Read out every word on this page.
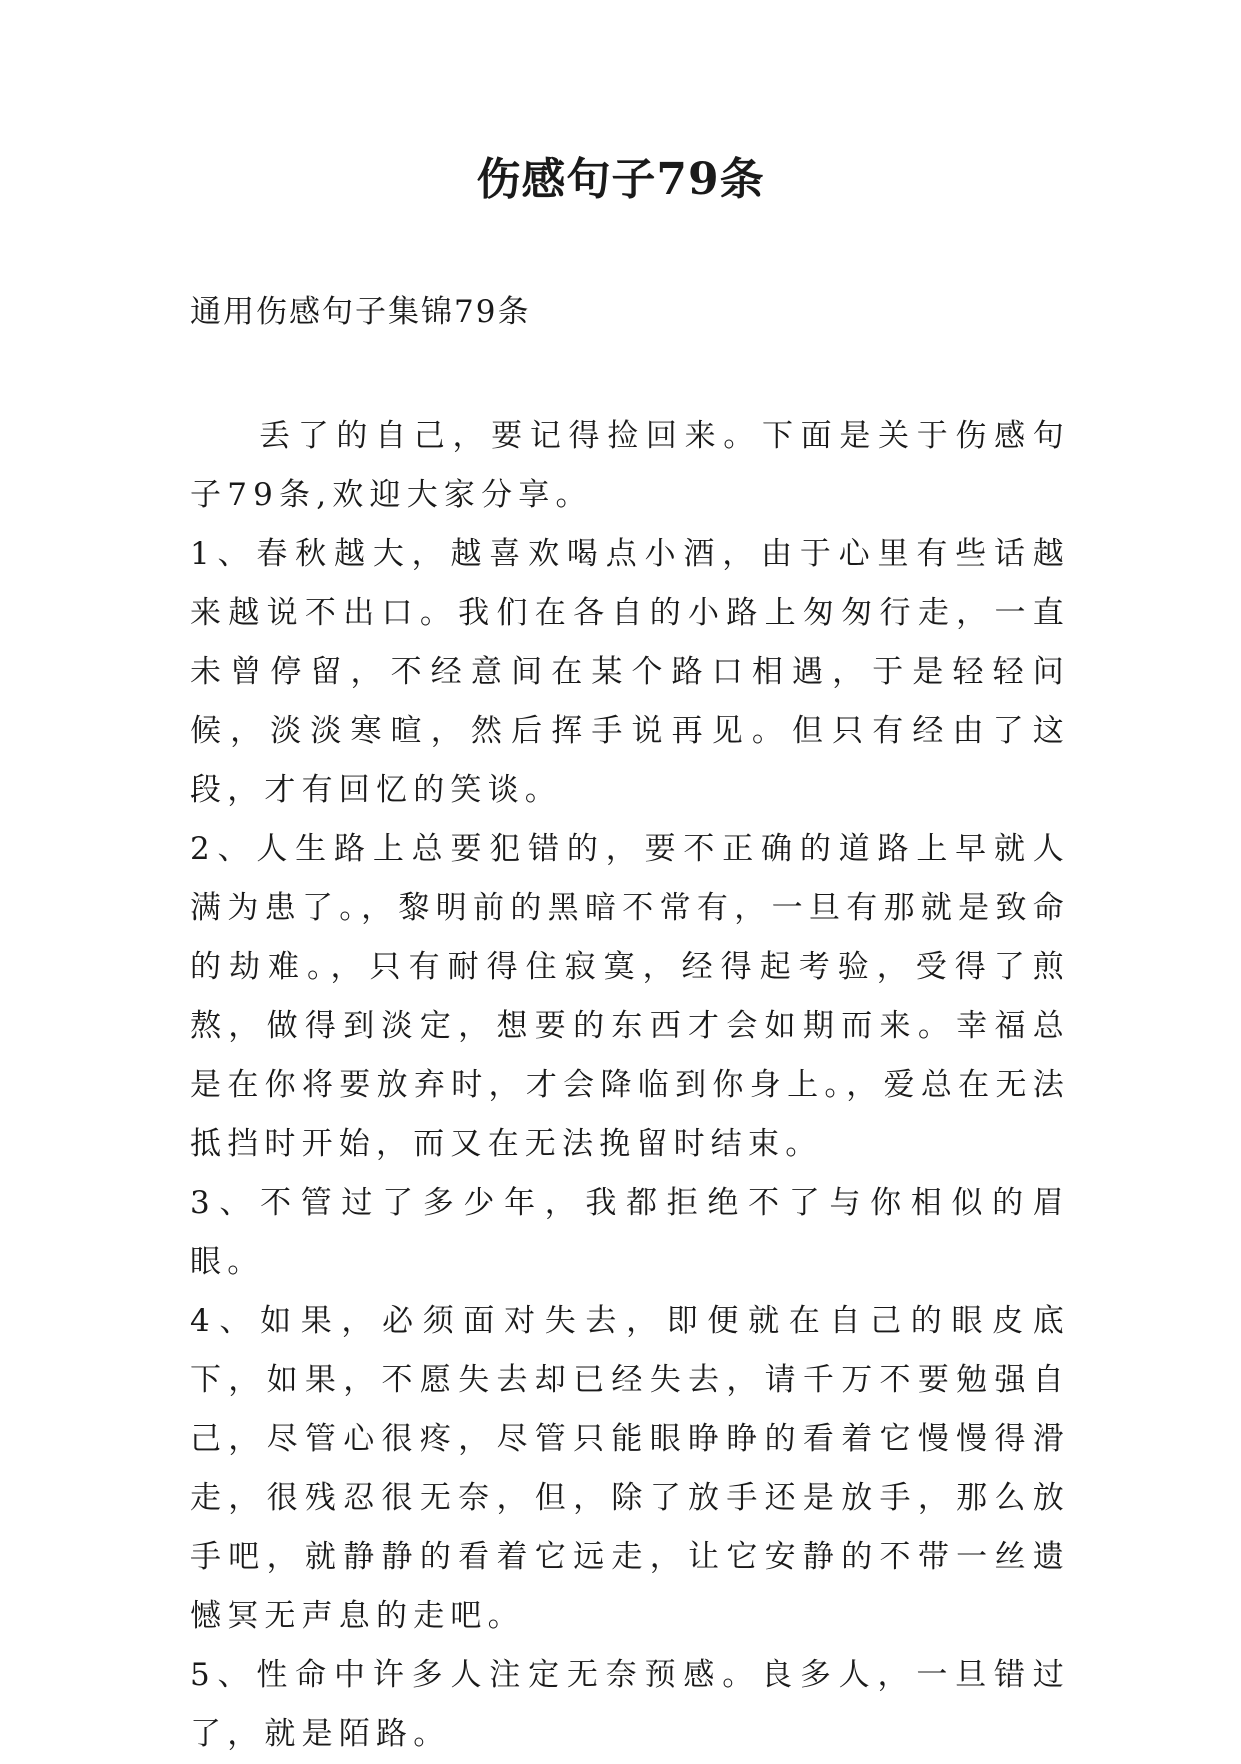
伤感句子79条
通用伤感句子集锦79条

丢了的自己，要记得捡回来。下面是关于伤感句子79条,欢迎大家分享。

1、春秋越大，越喜欢喝点小酒，由于心里有些话越来越说不出口。我们在各自的小路上匆匆行走，一直未曾停留，不经意间在某个路口相遇，于是轻轻问候，淡淡寒暄，然后挥手说再见。但只有经由了这段，才有回忆的笑谈。

2、人生路上总要犯错的，要不正确的道路上早就人满为患了。，黎明前的黑暗不常有，一旦有那就是致命的劫难。，只有耐得住寂寞，经得起考验，受得了煎熬，做得到淡定，想要的东西才会如期而来。幸福总是在你将要放弃时，才会降临到你身上。，爱总在无法抵挡时开始，而又在无法挽留时结束。

3、不管过了多少年，我都拒绝不了与你相似的眉眼。

4、如果，必须面对失去，即便就在自己的眼皮底下，如果，不愿失去却已经失去，请千万不要勉强自己，尽管心很疼，尽管只能眼睁睁的看着它慢慢得滑走，很残忍很无奈，但，除了放手还是放手，那么放手吧，就静静的看着它远走，让它安静的不带一丝遗憾冥无声息的走吧。

5、性命中许多人注定无奈预感。良多人，一旦错过了，就是陌路。
